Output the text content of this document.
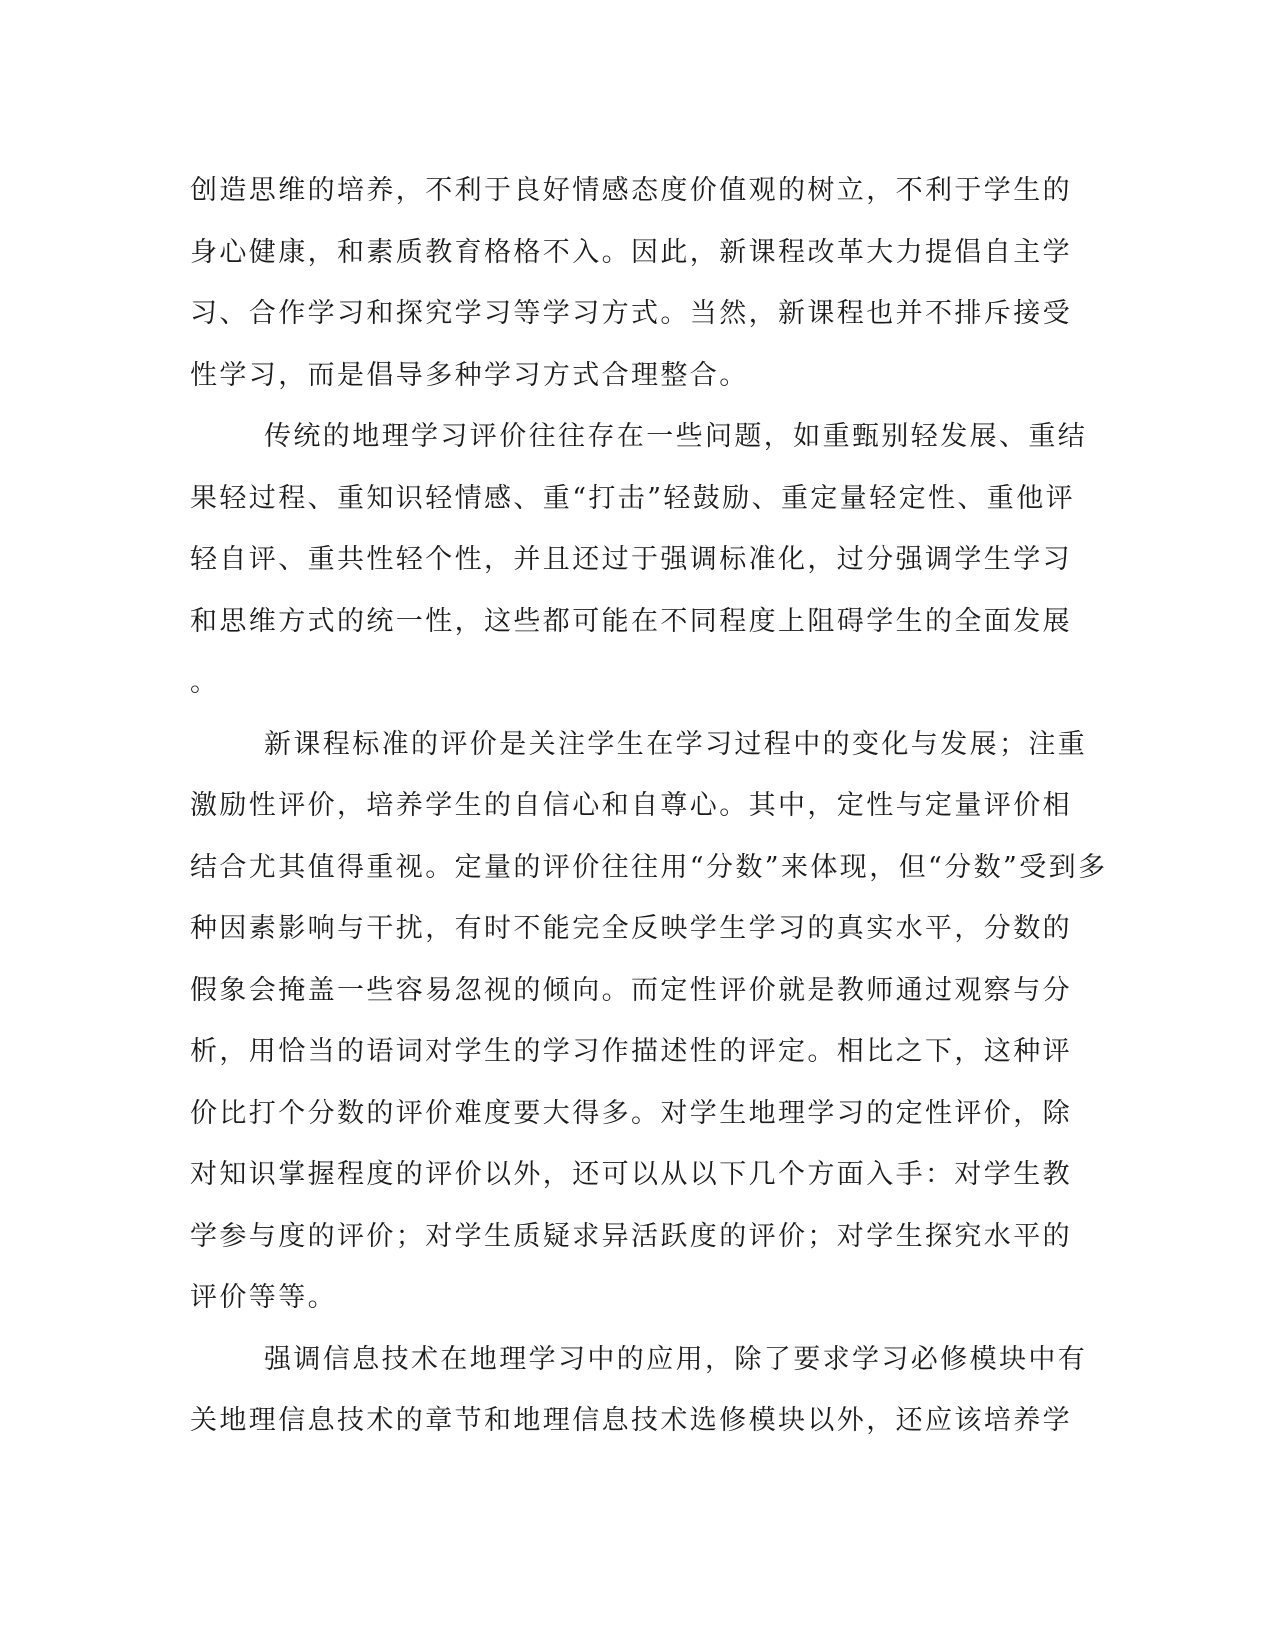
创造思维的培养，不利于良好情感态度价值观的树立，不利于学生的
身心健康，和素质教育格格不入。因此，新课程改革大力提倡自主学
习、合作学习和探究学习等学习方式。当然，新课程也并不排斥接受
性学习，而是倡导多种学习方式合理整合。
传统的地理学习评价往往存在一些问题，如重甄别轻发展、重结
果轻过程、重知识轻情感、重“打击”轻鼓励、重定量轻定性、重他评
轻自评、重共性轻个性，并且还过于强调标准化，过分强调学生学习
和思维方式的统一性，这些都可能在不同程度上阻碍学生的全面发展
。
新课程标准的评价是关注学生在学习过程中的变化与发展；注重
激励性评价，培养学生的自信心和自尊心。其中，定性与定量评价相
结合尤其值得重视。定量的评价往往用“分数”来体现，但“分数”受到多
种因素影响与干扰，有时不能完全反映学生学习的真实水平，分数的
假象会掩盖一些容易忽视的倾向。而定性评价就是教师通过观察与分
析，用恰当的语词对学生的学习作描述性的评定。相比之下，这种评
价比打个分数的评价难度要大得多。对学生地理学习的定性评价，除
对知识掌握程度的评价以外，还可以从以下几个方面入手：对学生教
学参与度的评价；对学生质疑求异活跃度的评价；对学生探究水平的
评价等等。
强调信息技术在地理学习中的应用，除了要求学习必修模块中有
关地理信息技术的章节和地理信息技术选修模块以外，还应该培养学
